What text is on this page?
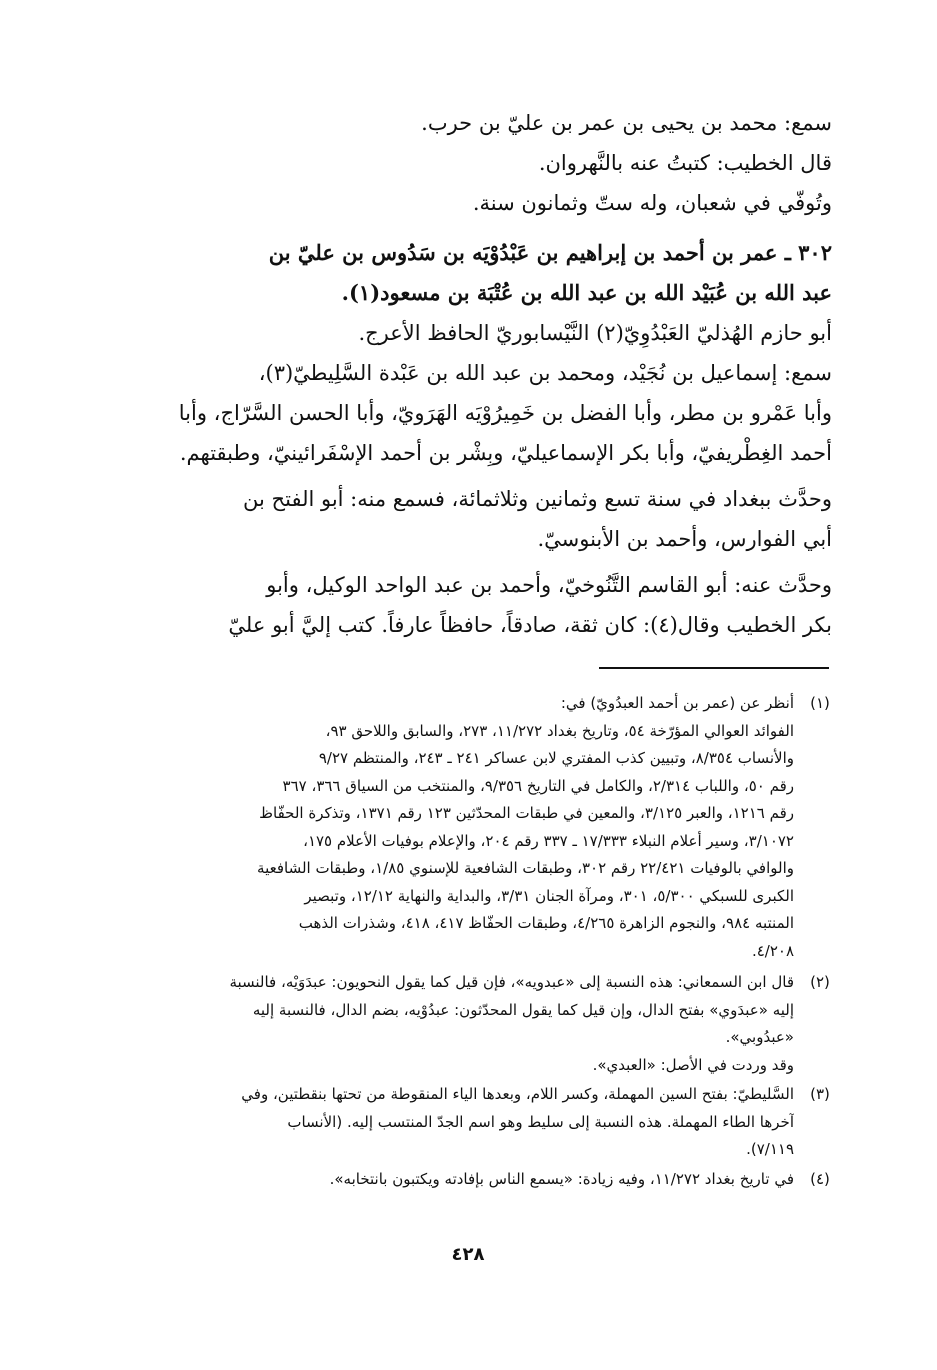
سمع: محمد بن يحيى بن عمر بن عليّ بن حرب.
قال الخطيب: كتبتُ عنه بالنَّهروان.
وتُوفّي في شعبان، وله ستّ وثمانون سنة.
٣٠٢ ـ عمر بن أحمد بن إبراهيم بن عَبْدُوْيَه بن سَدُوس بن عليّ بن
عبد الله بن عُبَيْد الله بن عبد الله بن عُتْبَة بن مسعود(١).
أبو حازم الهُذليّ العَبْدُوِيّ(٢) النَّيْسابوريّ الحافظ الأعرج.
سمع: إسماعيل بن نُجَيْد، ومحمد بن عبد الله بن عَبْدة السَّلِيطيّ(٣)،
وأبا عَمْرو بن مطر، وأبا الفضل بن خَمِيرُوْيَه الهَرَويّ، وأبا الحسن السَّرّاج، وأبا
أحمد الغِطْريفيّ، وأبا بكر الإسماعيليّ، وبِشْر بن أحمد الإسْفَرائينيّ، وطبقتهم.
وحدَّث ببغداد في سنة تسع وثمانين وثلاثمائة، فسمع منه: أبو الفتح بن
أبي الفوارس، وأحمد بن الأبنوسيّ.
وحدَّث عنه: أبو القاسم التَّنُوخيّ، وأحمد بن عبد الواحد الوكيل، وأبو
بكر الخطيب وقال(٤): كان ثقة، صادقاً، حافظاً عارفاً. كتب إليَّ أبو عليّ
(١)
أنظر عن (عمر بن أحمد العبدُويّ) في:
الفوائد العوالي المؤرّخة ٥٤، وتاريخ بغداد ١١/٢٧٢، ٢٧٣، والسابق واللاحق ٩٣،
والأنساب ٨/٣٥٤، وتبيين كذب المفتري لابن عساكر ٢٤١ ـ ٢٤٣، والمنتظم ٩/٢٧
رقم ٥٠، واللباب ٢/٣١٤، والكامل في التاريخ ٩/٣٥٦، والمنتخب من السياق ٣٦٦، ٣٦٧
رقم ١٢١٦، والعبر ٣/١٢٥، والمعين في طبقات المحدّثين ١٢٣ رقم ١٣٧١، وتذكرة الحفّاظ
٣/١٠٧٢، وسير أعلام النبلاء ١٧/٣٣٣ ـ ٣٣٧ رقم ٢٠٤، والإعلام بوفيات الأعلام ١٧٥،
والوافي بالوفيات ٢٢/٤٢١ رقم ٣٠٢، وطبقات الشافعية للإسنوي ١/٨٥، وطبقات الشافعية
الكبرى للسبكي ٥/٣٠٠، ٣٠١، ومرآة الجنان ٣/٣١، والبداية والنهاية ١٢/١٢، وتبصير
المنتبه ٩٨٤، والنجوم الزاهرة ٤/٢٦٥، وطبقات الحفّاظ ٤١٧، ٤١٨، وشذرات الذهب
٤/٢٠٨.
(٢)
قال ابن السمعاني: هذه النسبة إلى «عبدويه»، فإن قيل كما يقول النحويون: عبدَوَيْه، فالنسبة
إليه «عبدَوي» بفتح الدال، وإن قيل كما يقول المحدّثون: عبدُوْيه، بضم الدال، فالنسبة إليه
«عبدُوبي».
وقد وردت في الأصل: «العبدي».
(٣)
السَّليطيّ: بفتح السين المهملة، وكسر اللام، وبعدها الياء المنقوطة من تحتها بنقطتين، وفي
آخرها الطاء المهملة. هذه النسبة إلى سليط وهو اسم الجدّ المنتسب إليه. (الأنساب
٧/١١٩).
(٤)
في تاريخ بغداد ١١/٢٧٢، وفيه زيادة: «يسمع الناس بإفادته ويكتبون بانتخابه».
٤٢٨
